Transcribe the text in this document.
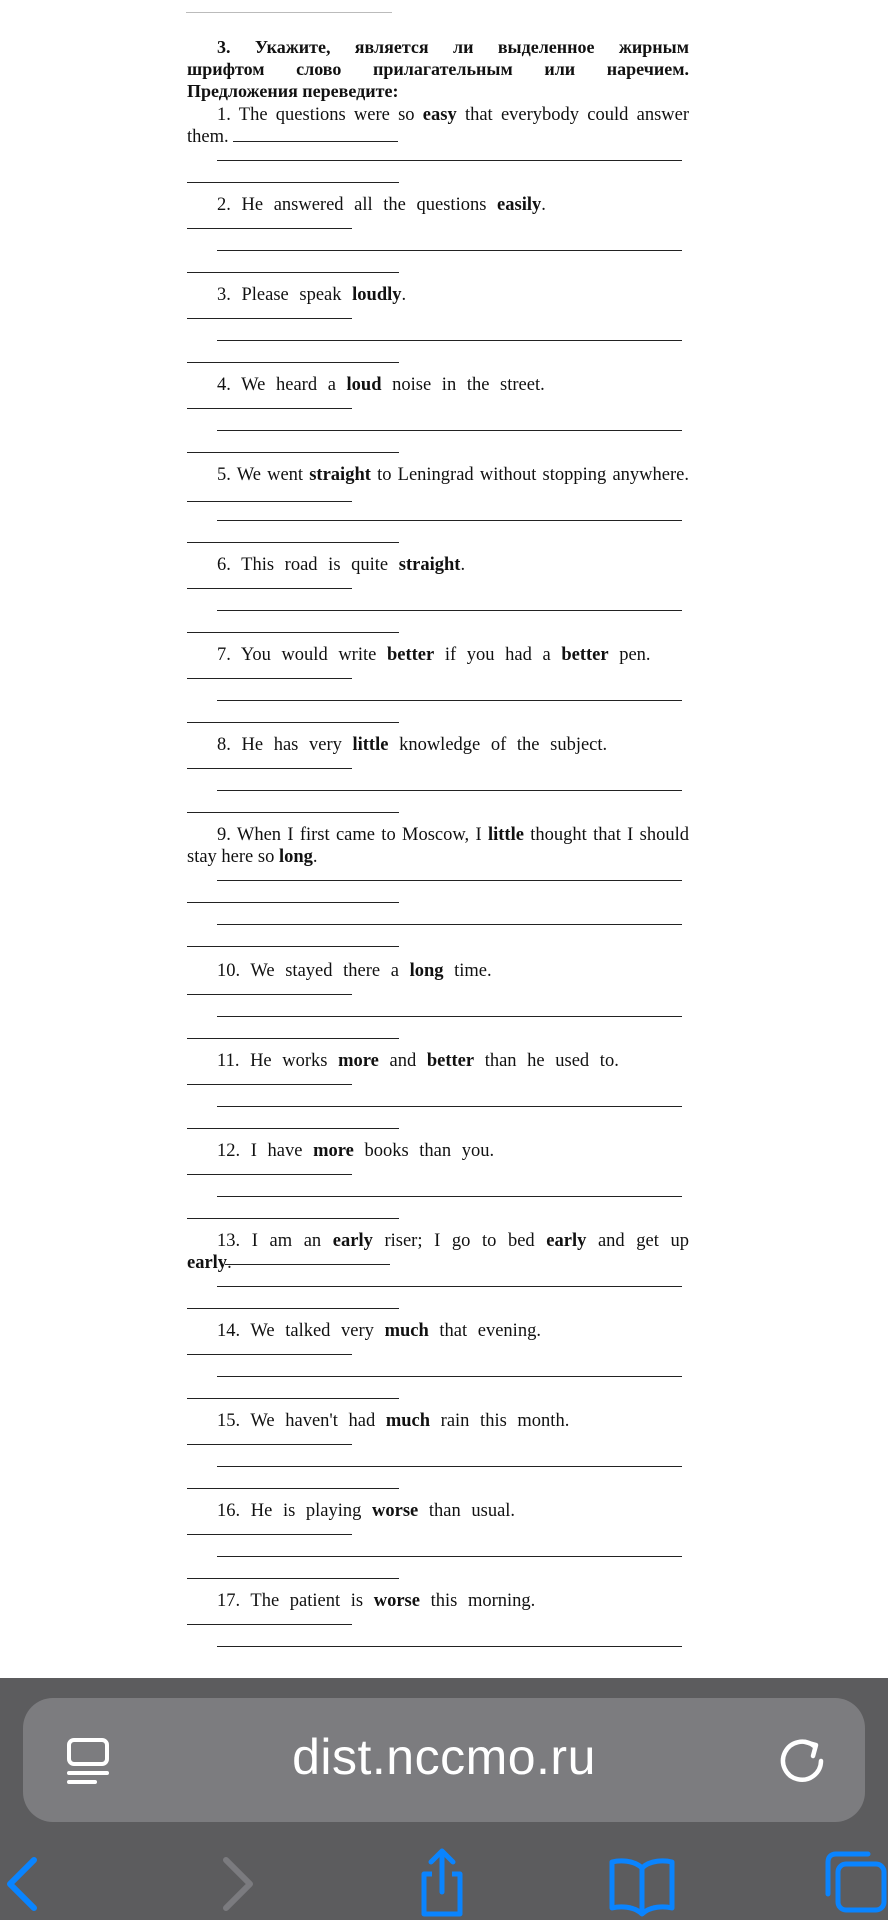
3. Укажите, является ли выделенное жирным
шрифтом слово прилагательным или наречием.
Предложения переведите:
1. The questions were so easy that everybody could answer them.
2. He answered all the questions easily.
3. Please speak loudly.
4. We heard a loud noise in the street.
5. We went straight to Leningrad without stopping anywhere.
6. This road is quite straight.
7. You would write better if you had a better pen.
8. He has very little knowledge of the subject.
9. When I first came to Moscow, I little thought that I should stay here so long.
10. We stayed there a long time.
11. He works more and better than he used to.
12. I have more books than you.
13. I am an early riser; I go to bed early and get up early.
14. We talked very much that evening.
15. We haven't had much rain this month.
16. He is playing worse than usual.
17. The patient is worse this morning.
dist.nccmo.ru
